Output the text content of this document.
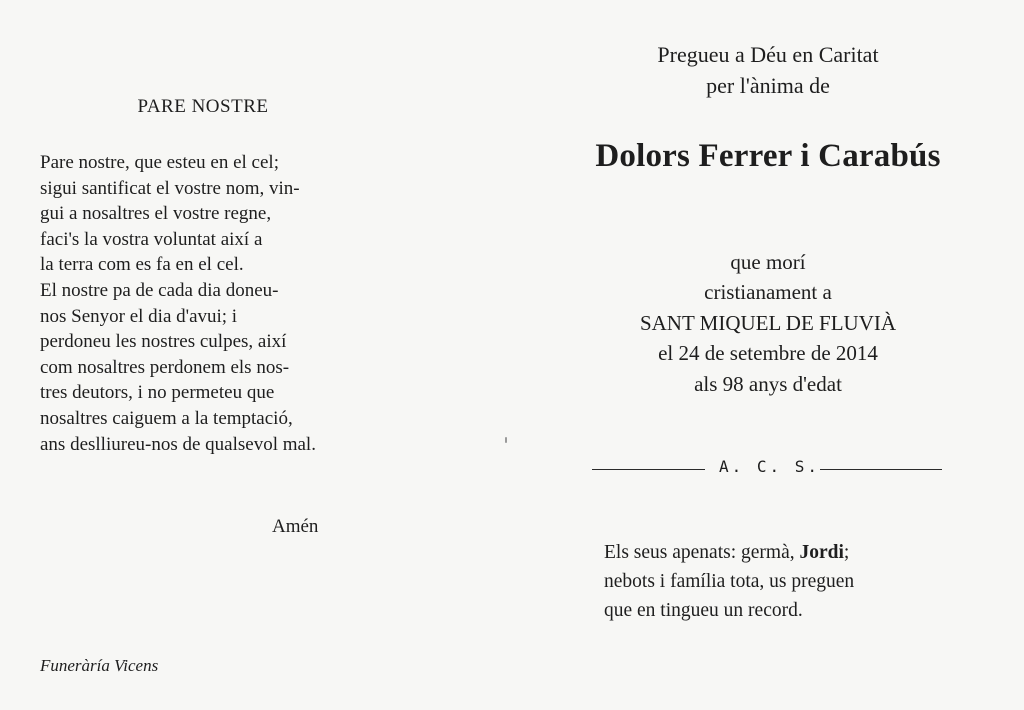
PARE NOSTRE
Pare nostre, que esteu en el cel;
sigui santificat el vostre nom, vin-
gui a nosaltres el vostre regne,
faci's la vostra voluntat així a
la terra com es fa en el cel.
El nostre pa de cada dia doneu-
nos Senyor el dia d'avui; i
perdoneu les nostres culpes, així
com nosaltres perdonem els nos-
tres deutors, i no permeteu que
nosaltres caiguem a la temptació,
ans deslliureu-nos de qualsevol mal.
Amén
Funeràría Vicens
Pregueu a Déu en Caritat
per l'ànima de
Dolors Ferrer i Carabús
que morí
cristianament a
SANT MIQUEL DE FLUVIÀ
el 24 de setembre de 2014
als 98 anys d'edat
A. C. S.
Els seus apenats: germà, Jordi;
nebots i família tota, us preguen
que en tingueu un record.
